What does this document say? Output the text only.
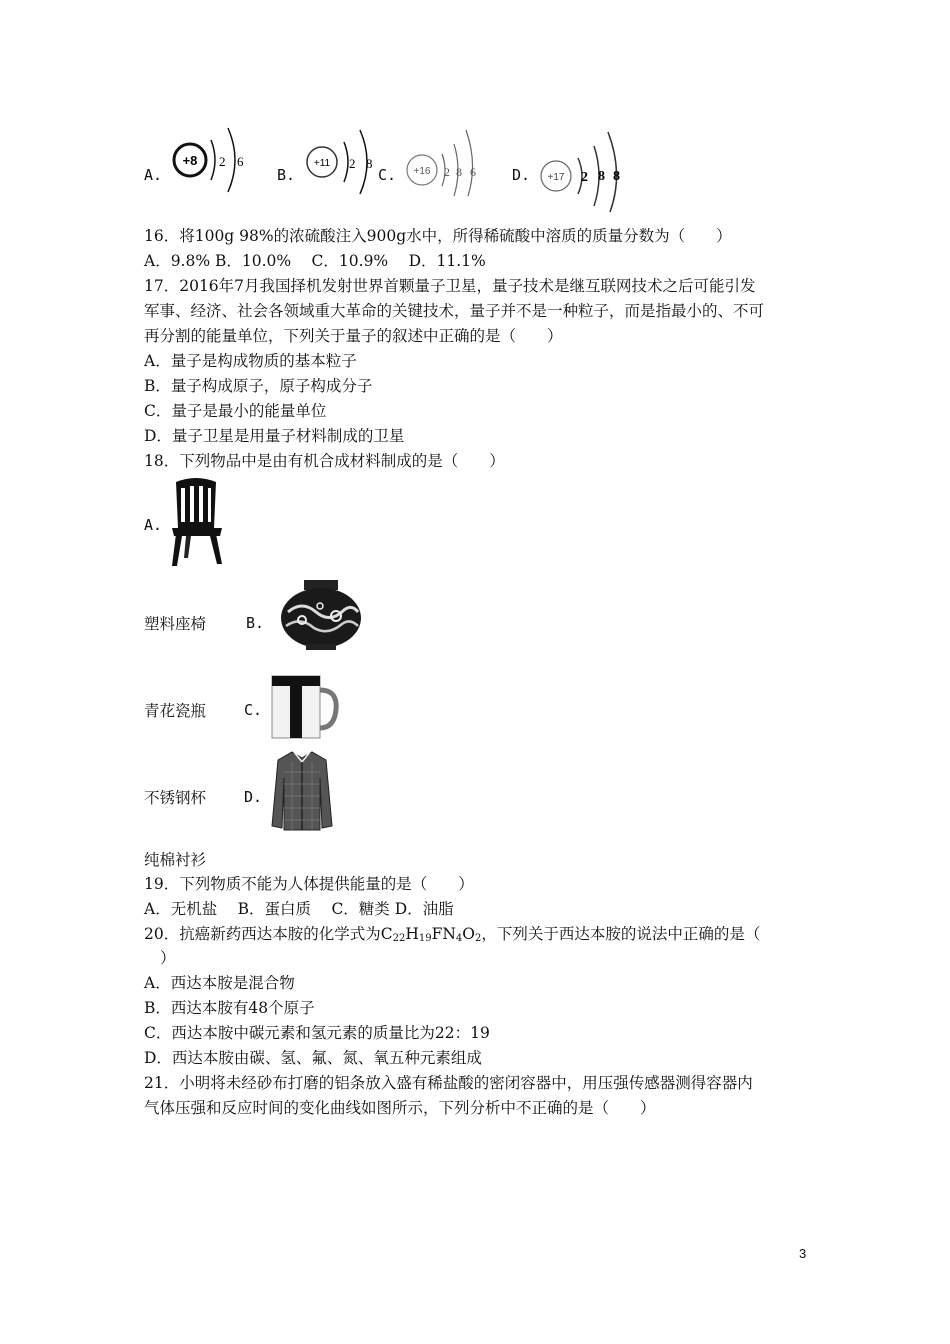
A.
+8 2 6
B.
+11 2 8
C. +16 2 8 6 D. +17 2 8 8
16．将100g 98%的浓硫酸注入900g水中，所得稀硫酸中溶质的质量分数为（　　）
A．9.8% B．10.0%　 C．10.9%　 D．11.1%
17．2016年7月我国择机发射世界首颗量子卫星，量子技术是继互联网技术之后可能引发
军事、经济、社会各领域重大革命的关键技术，量子并不是一种粒子，而是指最小的、不可
再分割的能量单位，下列关于量子的叙述中正确的是（　　）
A．量子是构成物质的基本粒子
B．量子构成原子，原子构成分子
C．量子是最小的能量单位
D．量子卫星是用量子材料制成的卫星
18．下列物品中是由有机合成材料制成的是（　　）
A.
塑料座椅	B.
青花瓷瓶	C.
不锈钢杯	D.
纯棉衬衫
19．下列物质不能为人体提供能量的是（　　）
A．无机盐　 B．蛋白质　 C．糖类 D．油脂
20．抗癌新药西达本胺的化学式为$C_{22}H_{19}FN_4O_2$，下列关于西达本胺的说法中正确的是（
）
A．西达本胺是混合物
B．西达本胺有48个原子
C．西达本胺中碳元素和氢元素的质量比为22：19
D．西达本胺由碳、氢、氟、氮、氧五种元素组成
21．小明将未经砂布打磨的铝条放入盛有稀盐酸的密闭容器中，用压强传感器测得容器内
气体压强和反应时间的变化曲线如图所示，下列分析中不正确的是（　　）
3
